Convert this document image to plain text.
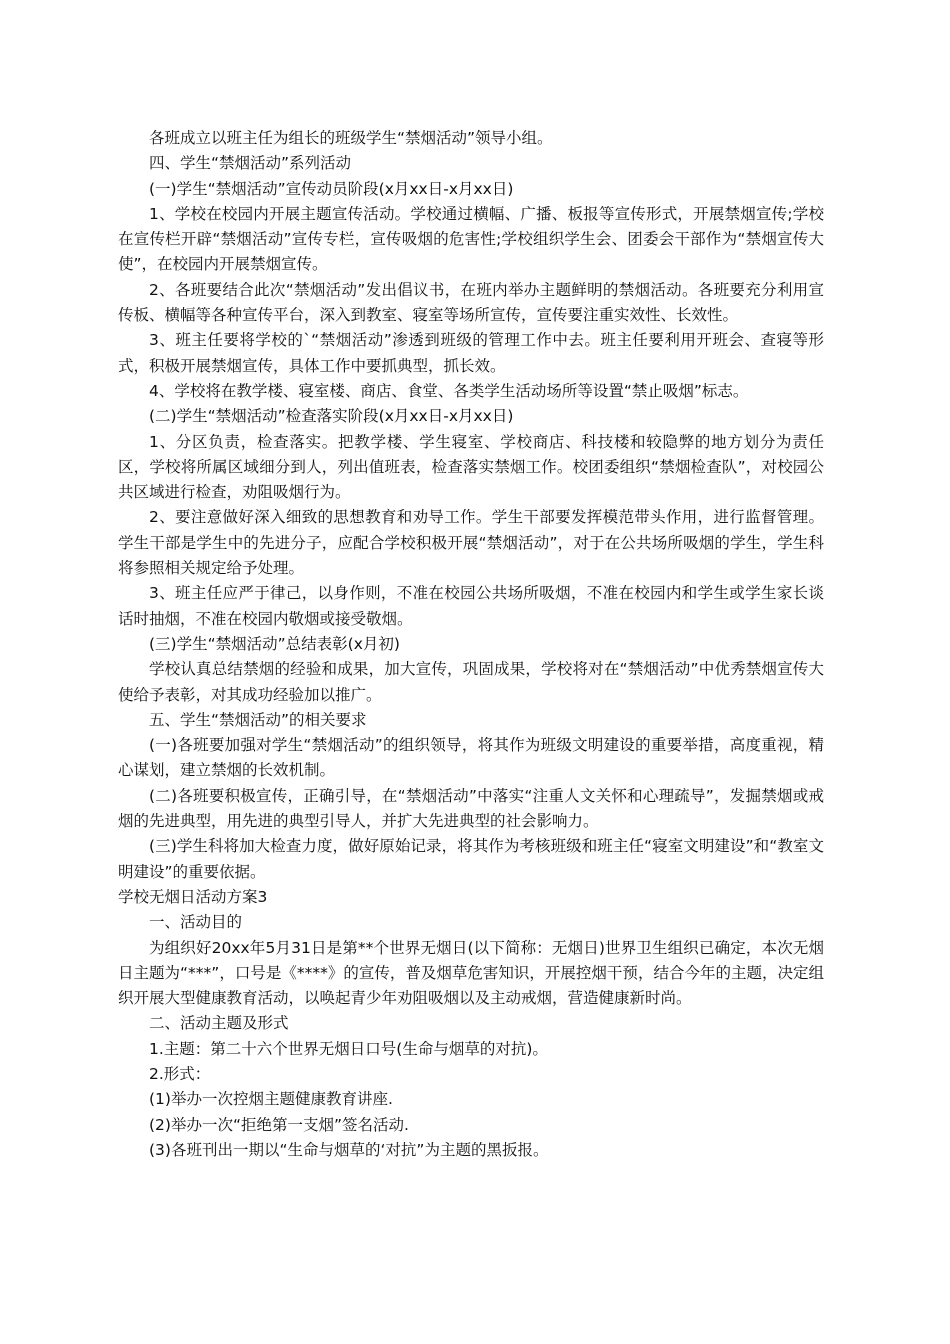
各班成立以班主任为组长的班级学生“禁烟活动”领导小组。

四、学生“禁烟活动”系列活动

(一)学生“禁烟活动”宣传动员阶段(x月xx日-x月xx日)

1、学校在校园内开展主题宣传活动。学校通过横幅、广播、板报等宣传形式，开展禁烟宣传;学校在宣传栏开辟“禁烟活动”宣传专栏，宣传吸烟的危害性;学校组织学生会、团委会干部作为“禁烟宣传大使”，在校园内开展禁烟宣传。

2、各班要结合此次“禁烟活动”发出倡议书，在班内举办主题鲜明的禁烟活动。各班要充分利用宣传板、横幅等各种宣传平台，深入到教室、寝室等场所宣传，宣传要注重实效性、长效性。

3、班主任要将学校的`“禁烟活动”渗透到班级的管理工作中去。班主任要利用开班会、查寝等形式，积极开展禁烟宣传，具体工作中要抓典型，抓长效。

4、学校将在教学楼、寝室楼、商店、食堂、各类学生活动场所等设置“禁止吸烟”标志。

(二)学生“禁烟活动”检查落实阶段(x月xx日-x月xx日)

1、分区负责，检查落实。把教学楼、学生寝室、学校商店、科技楼和较隐弊的地方划分为责任区，学校将所属区域细分到人，列出值班表，检查落实禁烟工作。校团委组织“禁烟检查队”，对校园公共区域进行检查，劝阻吸烟行为。

2、要注意做好深入细致的思想教育和劝导工作。学生干部要发挥模范带头作用，进行监督管理。学生干部是学生中的先进分子，应配合学校积极开展“禁烟活动”，对于在公共场所吸烟的学生，学生科将参照相关规定给予处理。

3、班主任应严于律己，以身作则，不准在校园公共场所吸烟，不准在校园内和学生或学生家长谈话时抽烟，不准在校园内敬烟或接受敬烟。

(三)学生“禁烟活动”总结表彰(x月初)

学校认真总结禁烟的经验和成果，加大宣传，巩固成果，学校将对在“禁烟活动”中优秀禁烟宣传大使给予表彰，对其成功经验加以推广。

五、学生“禁烟活动”的相关要求

(一)各班要加强对学生“禁烟活动”的组织领导，将其作为班级文明建设的重要举措，高度重视，精心谋划，建立禁烟的长效机制。

(二)各班要积极宣传，正确引导，在“禁烟活动”中落实“注重人文关怀和心理疏导”，发掘禁烟或戒烟的先进典型，用先进的典型引导人，并扩大先进典型的社会影响力。

(三)学生科将加大检查力度，做好原始记录，将其作为考核班级和班主任“寝室文明建设”和“教室文明建设”的重要依据。

学校无烟日活动方案3

一、活动目的

为组织好20xx年5月31日是第**个世界无烟日(以下简称：无烟日)世界卫生组织已确定，本次无烟日主题为“***”，口号是《****》的宣传，普及烟草危害知识，开展控烟干预，结合今年的主题，决定组织开展大型健康教育活动，以唤起青少年劝阻吸烟以及主动戒烟，营造健康新时尚。

二、活动主题及形式

1.主题：第二十六个世界无烟日口号(生命与烟草的对抗)。

2.形式：

(1)举办一次控烟主题健康教育讲座.

(2)举办一次“拒绝第一支烟”签名活动.

(3)各班刊出一期以“生命与烟草的‘对抗”为主题的黑扳报。
